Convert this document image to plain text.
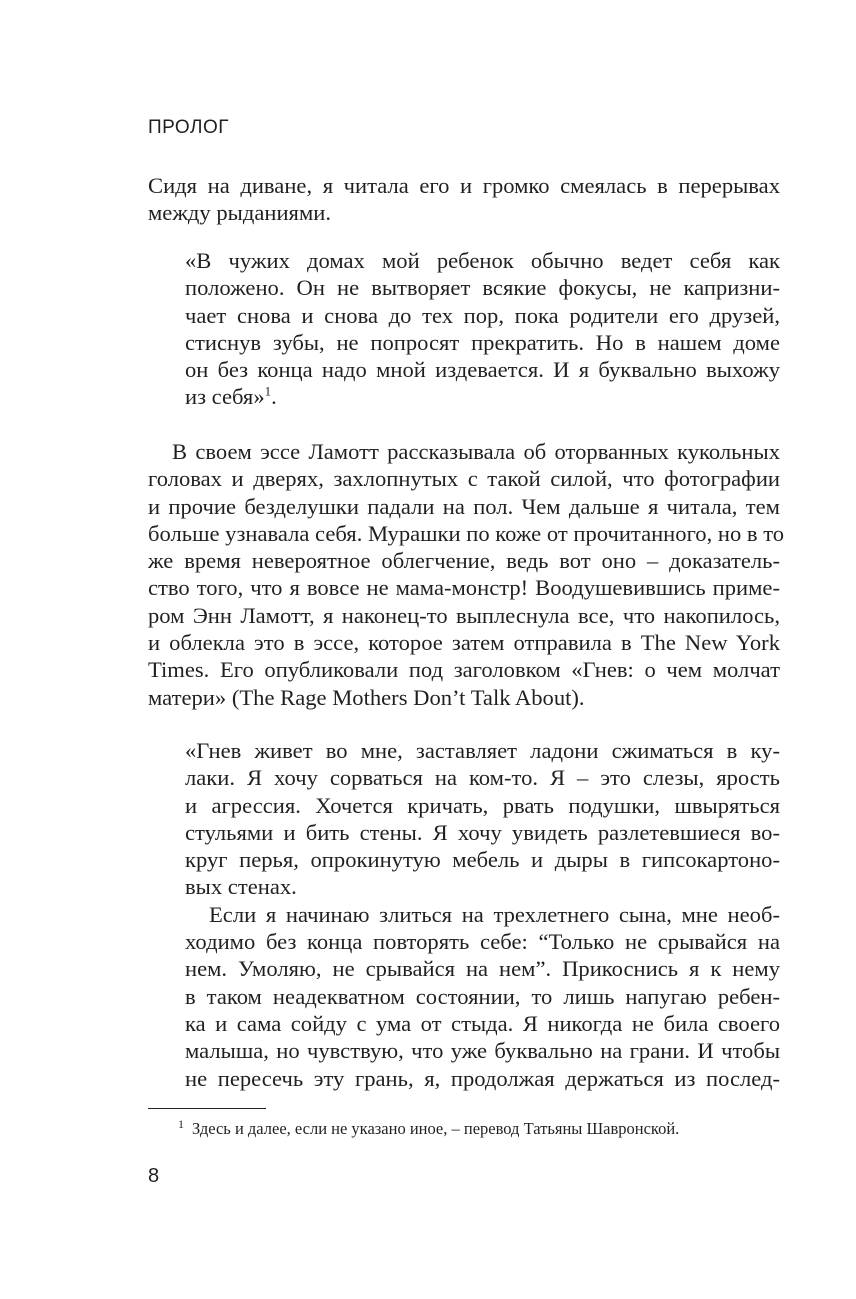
ПРОЛОГ

Сидя на диване, я читала его и громко смеялась в перерывах
между рыданиями.

«В чужих домах мой ребенок обычно ведет себя как
положено. Он не вытворяет всякие фокусы, не капризни-
чает снова и снова до тех пор, пока родители его друзей,
стиснув зубы, не попросят прекратить. Но в нашем доме
он без конца надо мной издевается. И я буквально выхожу
из себя»$^1$.

В своем эссе Ламотт рассказывала об оторванных кукольных
головах и дверях, захлопнутых с такой силой, что фотографии
и прочие безделушки падали на пол. Чем дальше я читала, тем
больше узнавала себя. Мурашки по коже от прочитанного, но в то
же время невероятное облегчение, ведь вот оно – доказатель-
ство того, что я вовсе не мама-монстр! Воодушевившись приме-
ром Энн Ламотт, я наконец-то выплеснула все, что накопилось,
и облекла это в эссе, которое затем отправила в The New York
Times. Его опубликовали под заголовком «Гнев: о чем молчат
матери» (The Rage Mothers Don’t Talk About).

«Гнев живет во мне, заставляет ладони сжиматься в ку-
лаки. Я хочу сорваться на ком-то. Я – это слезы, ярость
и агрессия. Хочется кричать, рвать подушки, швыряться
стульями и бить стены. Я хочу увидеть разлетевшиеся во-
круг перья, опрокинутую мебель и дыры в гипсокартоно-
вых стенах.
Если я начинаю злиться на трехлетнего сына, мне необ-
ходимо без конца повторять себе: “Только не срывайся на
нем. Умоляю, не срывайся на нем”. Прикоснись я к нему
в таком неадекватном состоянии, то лишь напугаю ребен-
ка и сама сойду с ума от стыда. Я никогда не била своего
малыша, но чувствую, что уже буквально на грани. И чтобы
не пересечь эту грань, я, продолжая держаться из послед-

$^1$ Здесь и далее, если не указано иное, – перевод Татьяны Шавронской.

8
